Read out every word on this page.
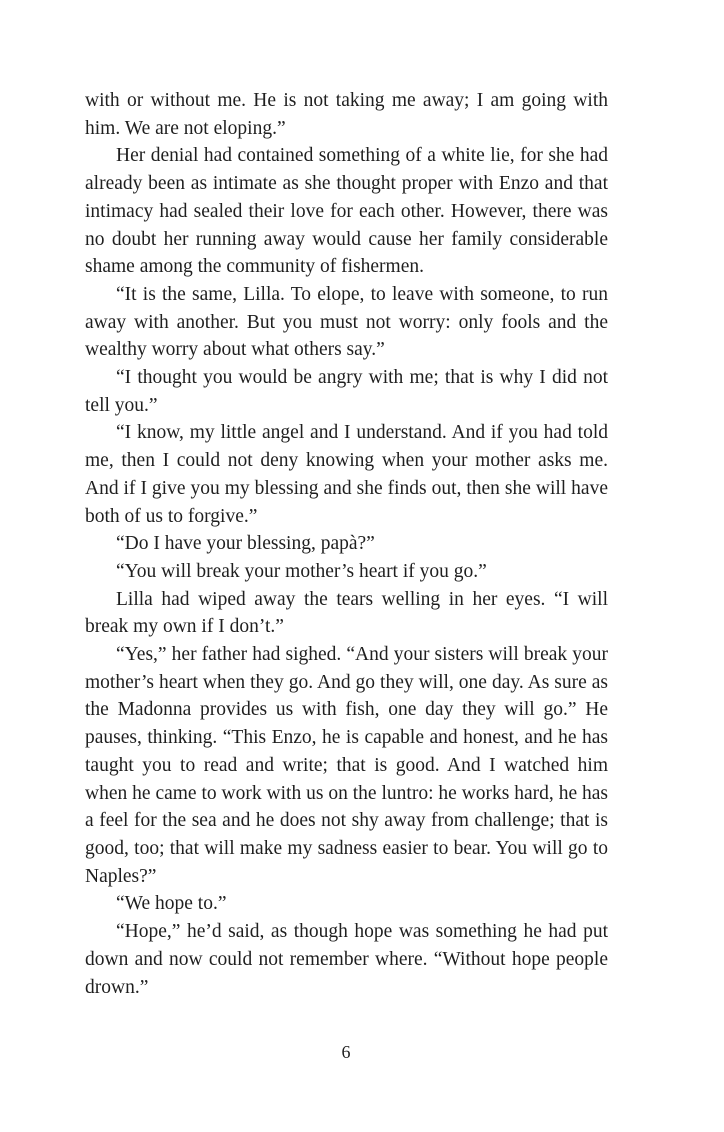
with or without me. He is not taking me away; I am going with him. We are not eloping.”

Her denial had contained something of a white lie, for she had already been as intimate as she thought proper with Enzo and that intimacy had sealed their love for each other. However, there was no doubt her running away would cause her family considerable shame among the community of fishermen.

“It is the same, Lilla. To elope, to leave with someone, to run away with another. But you must not worry: only fools and the wealthy worry about what others say.”

“I thought you would be angry with me; that is why I did not tell you.”

“I know, my little angel and I understand. And if you had told me, then I could not deny knowing when your mother asks me. And if I give you my blessing and she finds out, then she will have both of us to forgive.”

“Do I have your blessing, papà?”

“You will break your mother’s heart if you go.”

Lilla had wiped away the tears welling in her eyes. “I will break my own if I don’t.”

“Yes,” her father had sighed. “And your sisters will break your mother’s heart when they go. And go they will, one day. As sure as the Madonna provides us with fish, one day they will go.” He pauses, thinking. “This Enzo, he is capable and honest, and he has taught you to read and write; that is good. And I watched him when he came to work with us on the luntro: he works hard, he has a feel for the sea and he does not shy away from challenge; that is good, too; that will make my sadness easier to bear. You will go to Naples?”

“We hope to.”

“Hope,” he’d said, as though hope was something he had put down and now could not remember where. “Without hope people drown.”

6
